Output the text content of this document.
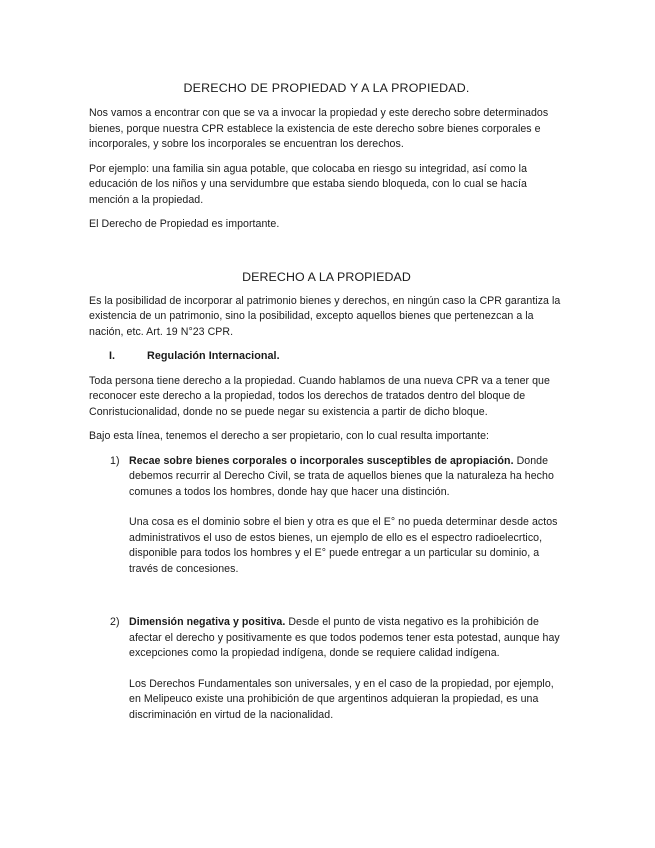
DERECHO DE PROPIEDAD Y A LA PROPIEDAD.

Nos vamos a encontrar con que se va a invocar la propiedad y este derecho sobre determinados bienes, porque nuestra CPR establece la existencia de este derecho sobre bienes corporales e incorporales, y sobre los incorporales se encuentran los derechos.

Por ejemplo: una familia sin agua potable, que colocaba en riesgo su integridad, así como la educación de los niños y una servidumbre que estaba siendo bloqueda, con lo cual se hacía mención a la propiedad.

El Derecho de Propiedad es importante.

DERECHO A LA PROPIEDAD

Es la posibilidad de incorporar al patrimonio bienes y derechos, en ningún caso la CPR garantiza la existencia de un patrimonio, sino la posibilidad, excepto aquellos bienes que pertenezcan a la nación, etc. Art. 19 N°23 CPR.

I.	Regulación Internacional.

Toda persona tiene derecho a la propiedad. Cuando hablamos de una nueva CPR va a tener que reconocer este derecho a la propiedad, todos los derechos de tratados dentro del bloque de Conristucionalidad, donde no se puede negar su existencia a partir de dicho bloque.

Bajo esta línea, tenemos el derecho a ser propietario, con lo cual resulta importante:

1) Recae sobre bienes corporales o incorporales susceptibles de apropiación. Donde debemos recurrir al Derecho Civil, se trata de aquellos bienes que la naturaleza ha hecho comunes a todos los hombres, donde hay que hacer una distinción.

Una cosa es el dominio sobre el bien y otra es que el E° no pueda determinar desde actos administrativos el uso de estos bienes, un ejemplo de ello es el espectro radioelecrtico, disponible para todos los hombres y el E° puede entregar a un particular su dominio, a través de concesiones.

2) Dimensión negativa y positiva. Desde el punto de vista negativo es la prohibición de afectar el derecho y positivamente es que todos podemos tener esta potestad, aunque hay excepciones como la propiedad indígena, donde se requiere calidad indígena.

Los Derechos Fundamentales son universales, y en el caso de la propiedad, por ejemplo, en Melipeuco existe una prohibición de que argentinos adquieran la propiedad, es una discriminación en virtud de la nacionalidad.
